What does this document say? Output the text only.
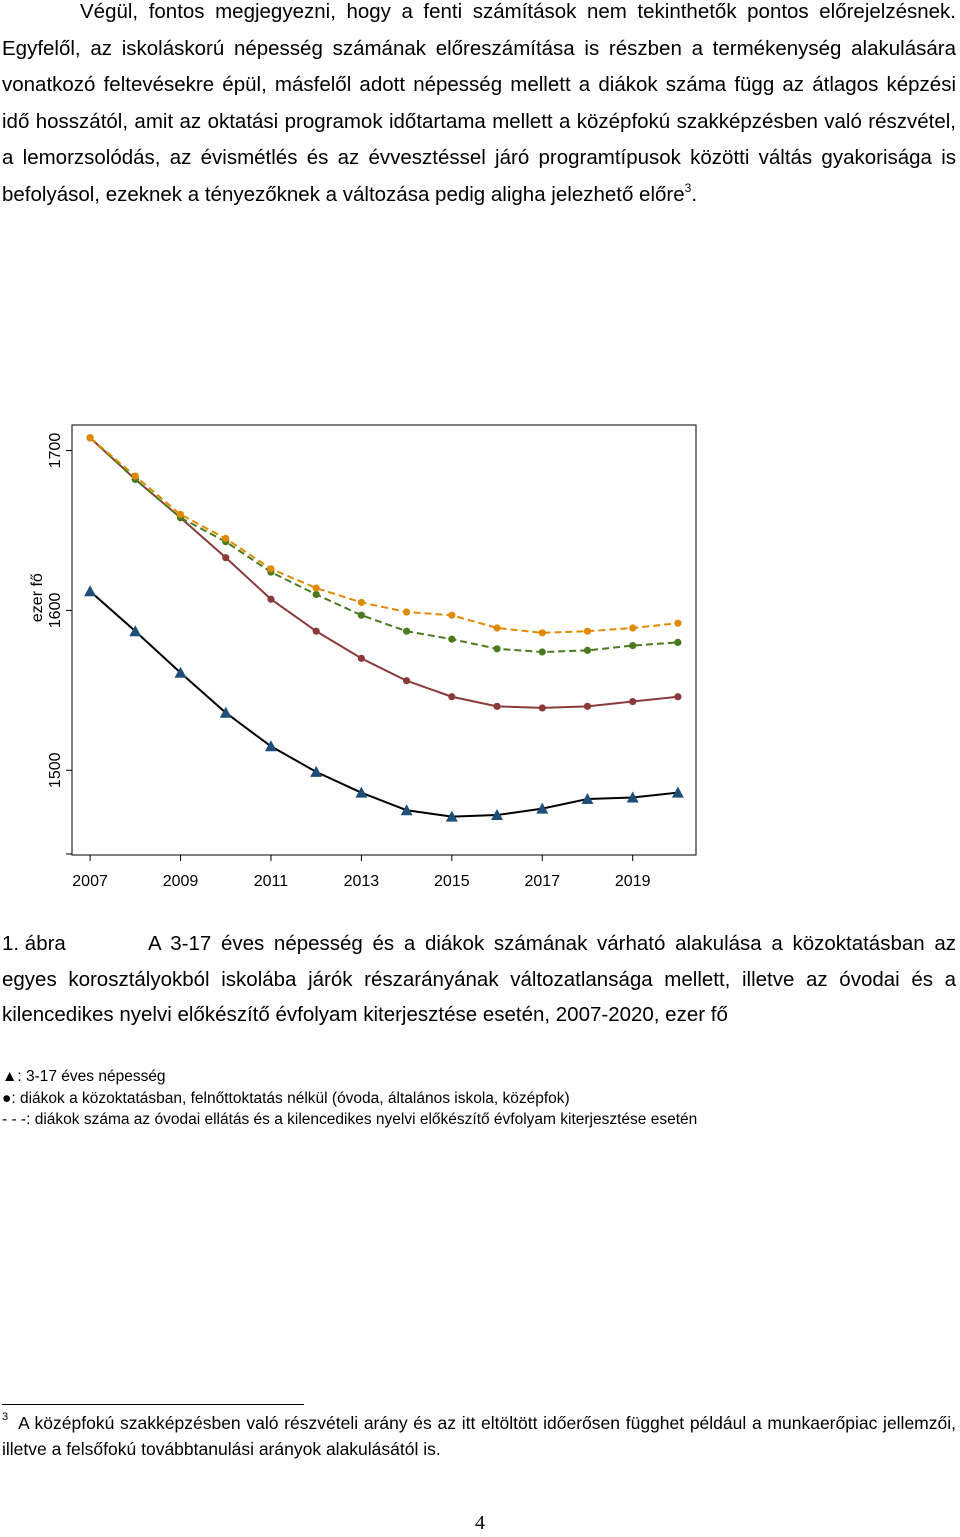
Végül, fontos megjegyezni, hogy a fenti számítások nem tekinthetők pontos előrejelzésnek. Egyfelől, az iskoláskorú népesség számának előreszámítása is részben a termékenység alakulására vonatkozó feltevésekre épül, másfelől adott népesség mellett a diákok száma függ az átlagos képzési idő hosszától, amit az oktatási programok időtartama mellett a középfokú szakképzésben való részvétel, a lemorzsolódás, az évismétlés és az évvesztéssel járó programtípusok közötti váltás gyakorisága is befolyásol, ezeknek a tényezőknek a változása pedig aligha jelezhető előre$^3$.

1500
1600
1700
ezer fő
2007	2009	2011	2013	2015	2017	2019

1. ábra	A 3-17 éves népesség és a diákok számának várható alakulása a közoktatásban az egyes korosztályokból iskolába járók részarányának változatlansága mellett, illetve az óvodai és a kilencedikes nyelvi előkészítő évfolyam kiterjesztése esetén, 2007-2020, ezer fő

▲: 3-17 éves népesség
●: diákok a közoktatásban, felnőttoktatás nélkül (óvoda, általános iskola, középfok)
- - -: diákok száma az óvodai ellátás és a kilencedikes nyelvi előkészítő évfolyam kiterjesztése esetén

$^3$ A középfokú szakképzésben való részvételi arány és az itt eltöltött időerősen függhet például a munkaerőpiac jellemzői, illetve a felsőfokú továbbtanulási arányok alakulásától is.

4
